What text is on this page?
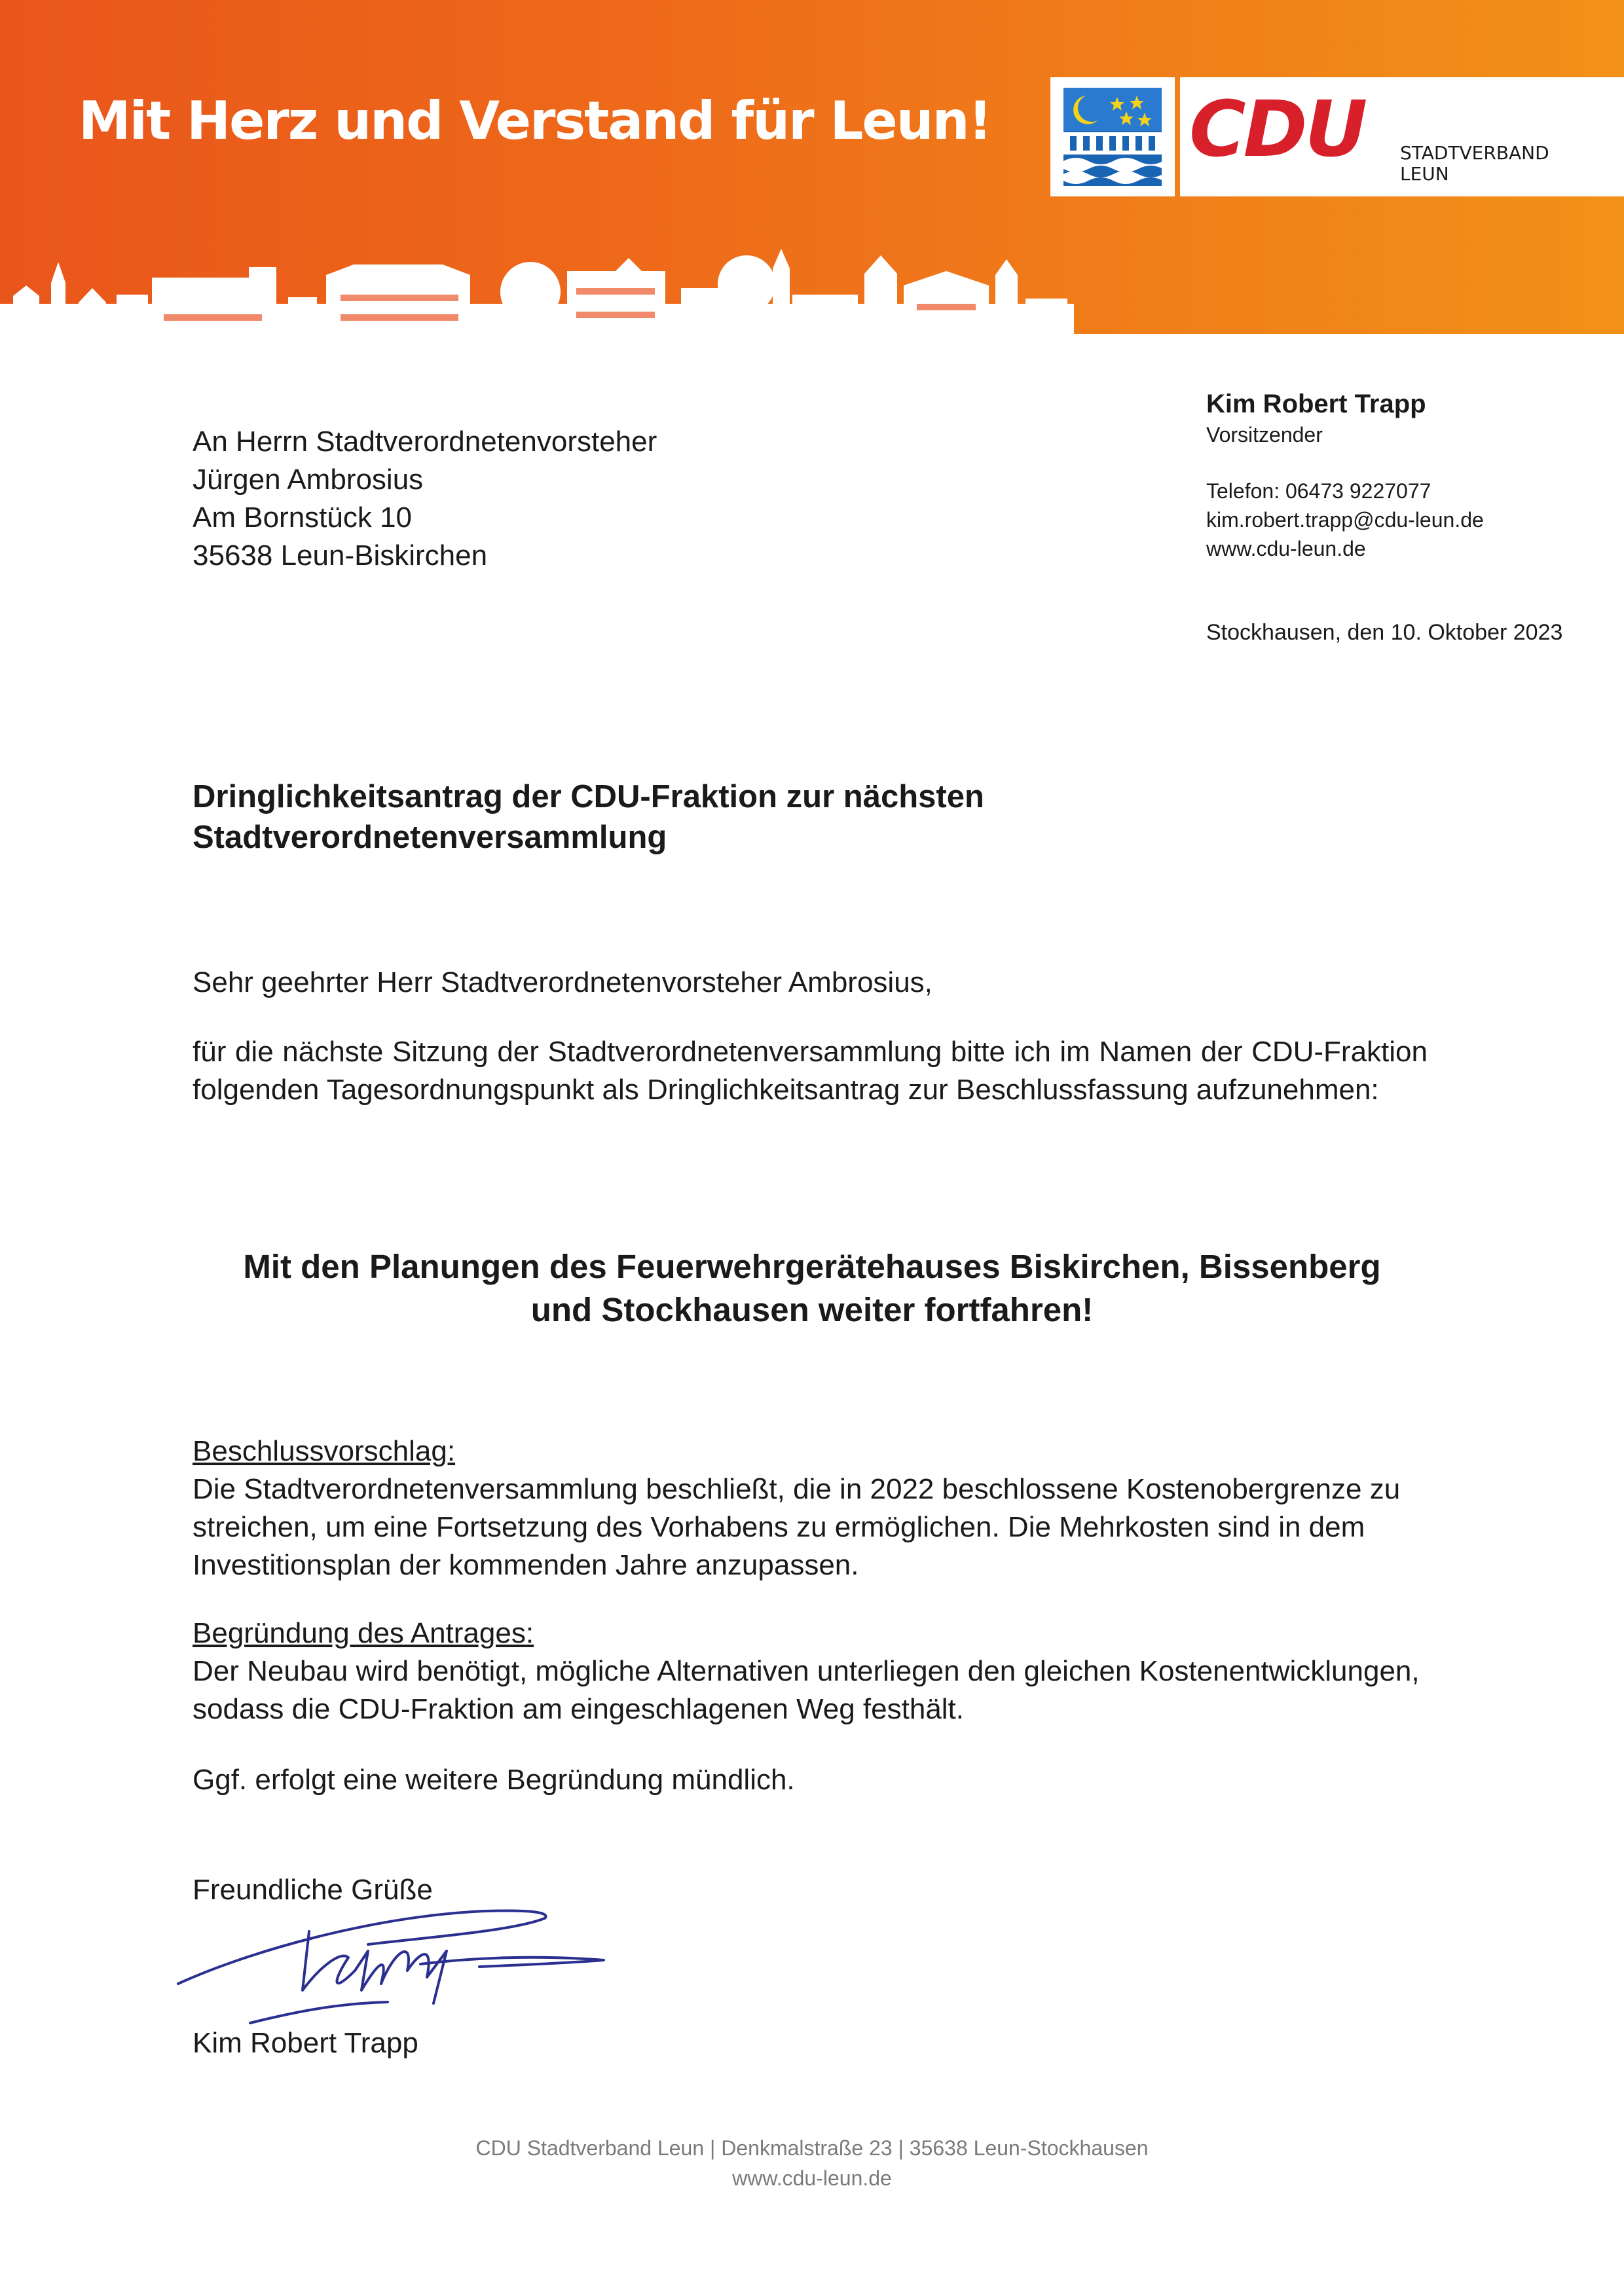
Mit Herz und Verstand für Leun!	CDU STADTVERBAND
LEUN
An Herrn Stadtverordnetenvorsteher
Jürgen Ambrosius
Am Bornstück 10
35638 Leun-Biskirchen
Kim Robert Trapp
Vorsitzender
Telefon: 06473 9227077
kim.robert.trapp@cdu-leun.de
www.cdu-leun.de
Stockhausen, den 10. Oktober 2023
Dringlichkeitsantrag der CDU-Fraktion zur nächsten
Stadtverordnetenversammlung
Sehr geehrter Herr Stadtverordnetenvorsteher Ambrosius,
für die nächste Sitzung der Stadtverordnetenversammlung bitte ich im Namen der CDU-Fraktion folgenden Tagesordnungspunkt als Dringlichkeitsantrag zur Beschlussfassung aufzunehmen:
Mit den Planungen des Feuerwehrgerätehauses Biskirchen, Bissenberg
und Stockhausen weiter fortfahren!
Beschlussvorschlag:
Die Stadtverordnetenversammlung beschließt, die in 2022 beschlossene Kostenobergrenze zu streichen, um eine Fortsetzung des Vorhabens zu ermöglichen. Die Mehrkosten sind in dem Investitionsplan der kommenden Jahre anzupassen.
Begründung des Antrages:
Der Neubau wird benötigt, mögliche Alternativen unterliegen den gleichen Kostenentwicklungen, sodass die CDU-Fraktion am eingeschlagenen Weg festhält.
Ggf. erfolgt eine weitere Begründung mündlich.
Freundliche Grüße
Kim Robert Trapp
CDU Stadtverband Leun | Denkmalstraße 23 | 35638 Leun-Stockhausen
www.cdu-leun.de
